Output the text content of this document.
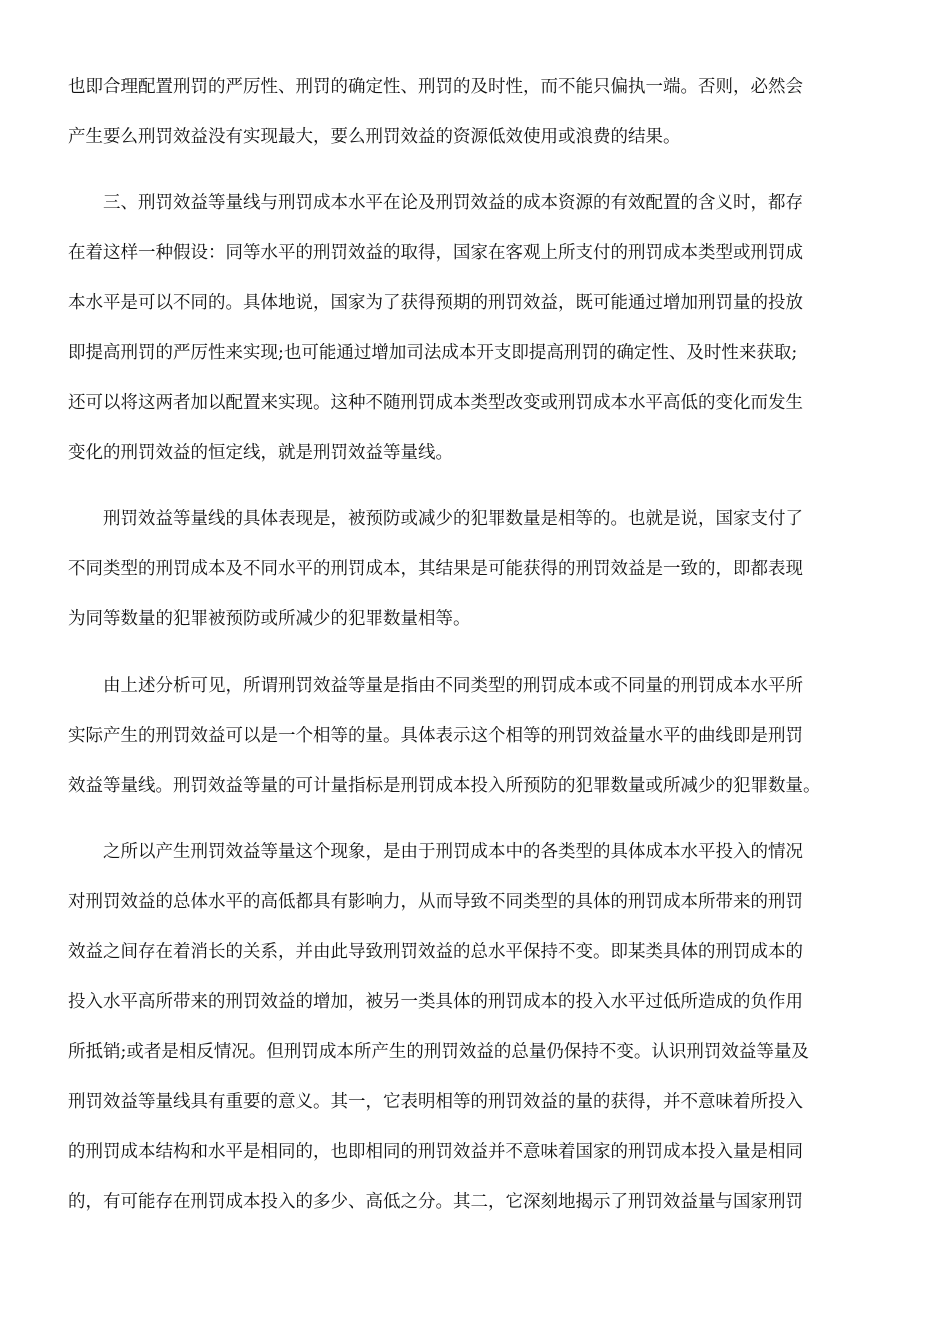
也即合理配置刑罚的严厉性、刑罚的确定性、刑罚的及时性，而不能只偏执一端。否则，必然会
产生要么刑罚效益没有实现最大，要么刑罚效益的资源低效使用或浪费的结果。
三、刑罚效益等量线与刑罚成本水平在论及刑罚效益的成本资源的有效配置的含义时，都存
在着这样一种假设：同等水平的刑罚效益的取得，国家在客观上所支付的刑罚成本类型或刑罚成
本水平是可以不同的。具体地说，国家为了获得预期的刑罚效益，既可能通过增加刑罚量的投放
即提高刑罚的严厉性来实现;也可能通过增加司法成本开支即提高刑罚的确定性、及时性来获取;
还可以将这两者加以配置来实现。这种不随刑罚成本类型改变或刑罚成本水平高低的变化而发生
变化的刑罚效益的恒定线，就是刑罚效益等量线。
刑罚效益等量线的具体表现是，被预防或减少的犯罪数量是相等的。也就是说，国家支付了
不同类型的刑罚成本及不同水平的刑罚成本，其结果是可能获得的刑罚效益是一致的，即都表现
为同等数量的犯罪被预防或所减少的犯罪数量相等。
由上述分析可见，所谓刑罚效益等量是指由不同类型的刑罚成本或不同量的刑罚成本水平所
实际产生的刑罚效益可以是一个相等的量。具体表示这个相等的刑罚效益量水平的曲线即是刑罚
效益等量线。刑罚效益等量的可计量指标是刑罚成本投入所预防的犯罪数量或所减少的犯罪数量。
之所以产生刑罚效益等量这个现象，是由于刑罚成本中的各类型的具体成本水平投入的情况
对刑罚效益的总体水平的高低都具有影响力，从而导致不同类型的具体的刑罚成本所带来的刑罚
效益之间存在着消长的关系，并由此导致刑罚效益的总水平保持不变。即某类具体的刑罚成本的
投入水平高所带来的刑罚效益的增加，被另一类具体的刑罚成本的投入水平过低所造成的负作用
所抵销;或者是相反情况。但刑罚成本所产生的刑罚效益的总量仍保持不变。认识刑罚效益等量及
刑罚效益等量线具有重要的意义。其一，它表明相等的刑罚效益的量的获得，并不意味着所投入
的刑罚成本结构和水平是相同的，也即相同的刑罚效益并不意味着国家的刑罚成本投入量是相同
的，有可能存在刑罚成本投入的多少、高低之分。其二，它深刻地揭示了刑罚效益量与国家刑罚
